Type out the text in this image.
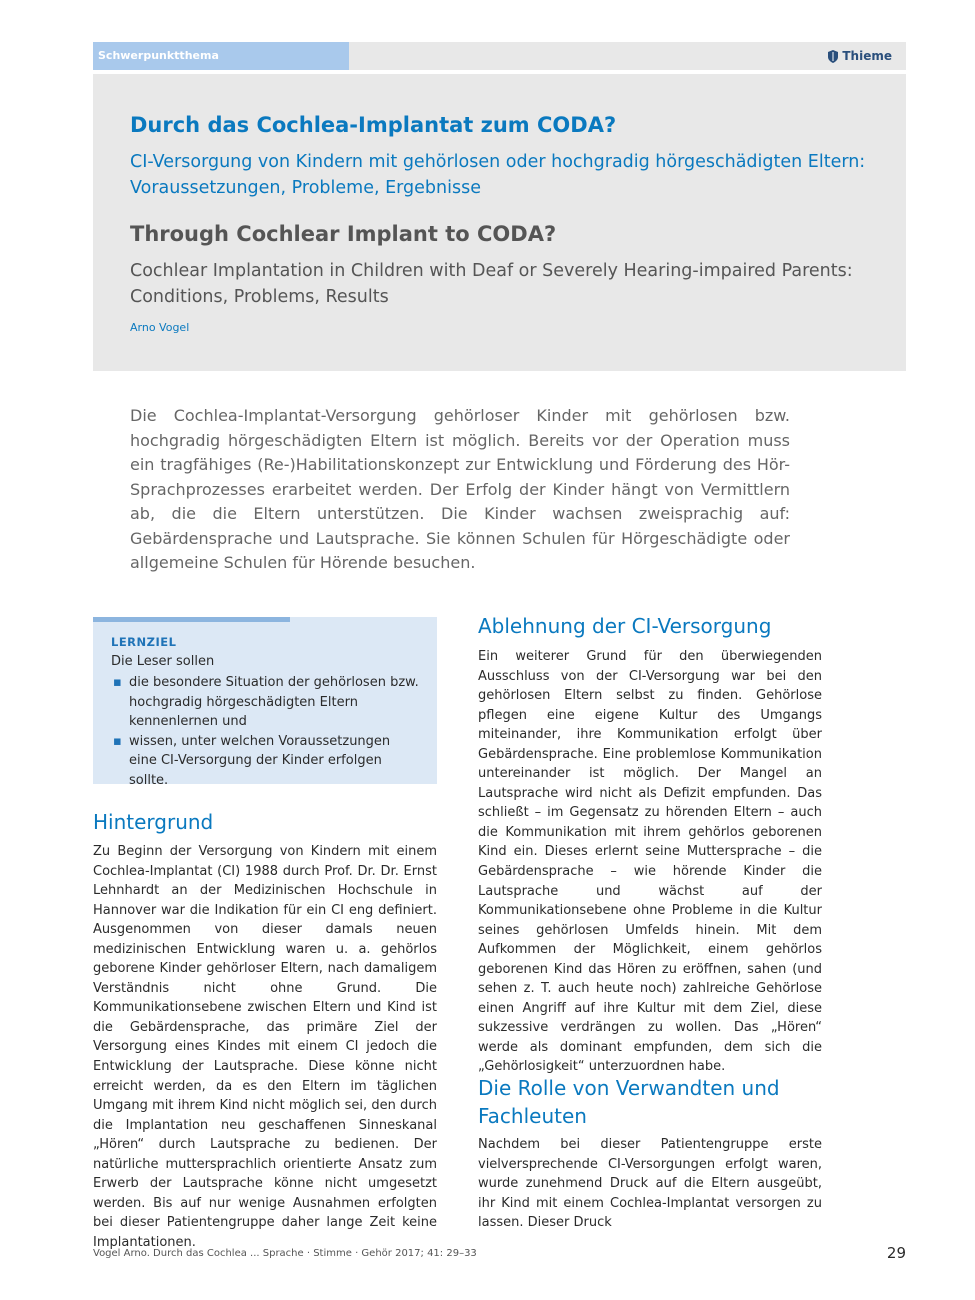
Schwerpunktthema	Thieme
Durch das Cochlea-Implantat zum CODA?
CI-Versorgung von Kindern mit gehörlosen oder hochgradig hörgeschädigten Eltern: Voraussetzungen, Probleme, Ergebnisse
Through Cochlear Implant to CODA?
Cochlear Implantation in Children with Deaf or Severely Hearing-impaired Parents: Conditions, Problems, Results
Arno Vogel
Die Cochlea-Implantat-Versorgung gehörloser Kinder mit gehörlosen bzw. hochgradig hörgeschädigten Eltern ist möglich. Bereits vor der Operation muss ein tragfähiges (Re-)Habilitationskonzept zur Entwicklung und Förderung des Hör-Sprachprozesses erarbeitet werden. Der Erfolg der Kinder hängt von Vermittlern ab, die die Eltern unterstützen. Die Kinder wachsen zweisprachig auf: Gebärdensprache und Lautsprache. Sie können Schulen für Hörgeschädigte oder allgemeine Schulen für Hörende besuchen.
LERNZIEL
Die Leser sollen
▪ die besondere Situation der gehörlosen bzw. hochgradig hörgeschädigten Eltern kennenlernen und
▪ wissen, unter welchen Voraussetzungen eine CI-Versorgung der Kinder erfolgen sollte.
Hintergrund
Zu Beginn der Versorgung von Kindern mit einem Cochlea-Implantat (CI) 1988 durch Prof. Dr. Dr. Ernst Lehnhardt an der Medizinischen Hochschule in Hannover war die Indikation für ein CI eng definiert. Ausgenommen von dieser damals neuen medizinischen Entwicklung waren u. a. gehörlos geborene Kinder gehörloser Eltern, nach damaligem Verständnis nicht ohne Grund. Die Kommunikationsebene zwischen Eltern und Kind ist die Gebärdensprache, das primäre Ziel der Versorgung eines Kindes mit einem CI jedoch die Entwicklung der Lautsprache. Diese könne nicht erreicht werden, da es den Eltern im täglichen Umgang mit ihrem Kind nicht möglich sei, den durch die Implantation neu geschaffenen Sinneskanal „Hören“ durch Lautsprache zu bedienen. Der natürliche muttersprachlich orientierte Ansatz zum Erwerb der Lautsprache könne nicht umgesetzt werden. Bis auf nur wenige Ausnahmen erfolgten bei dieser Patientengruppe daher lange Zeit keine Implantationen.
Ablehnung der CI-Versorgung
Ein weiterer Grund für den überwiegenden Ausschluss von der CI-Versorgung war bei den gehörlosen Eltern selbst zu finden. Gehörlose pflegen eine eigene Kultur des Umgangs miteinander, ihre Kommunikation erfolgt über Gebärdensprache. Eine problemlose Kommunikation untereinander ist möglich. Der Mangel an Lautsprache wird nicht als Defizit empfunden. Das schließt – im Gegensatz zu hörenden Eltern – auch die Kommunikation mit ihrem gehörlos geborenen Kind ein. Dieses erlernt seine Muttersprache – die Gebärdensprache – wie hörende Kinder die Lautsprache und wächst auf der Kommunikationsebene ohne Probleme in die Kultur seines gehörlosen Umfelds hinein. Mit dem Aufkommen der Möglichkeit, einem gehörlos geborenen Kind das Hören zu eröffnen, sahen (und sehen z. T. auch heute noch) zahlreiche Gehörlose einen Angriff auf ihre Kultur mit dem Ziel, diese sukzessive verdrängen zu wollen. Das „Hören“ werde als dominant empfunden, dem sich die „Gehörlosigkeit“ unterzuordnen habe.
Die Rolle von Verwandten und Fachleuten
Nachdem bei dieser Patientengruppe erste vielversprechende CI-Versorgungen erfolgt waren, wurde zunehmend Druck auf die Eltern ausgeübt, ihr Kind mit einem Cochlea-Implantat versorgen zu lassen. Dieser Druck
Vogel Arno. Durch das Cochlea ... Sprache · Stimme · Gehör 2017; 41: 29–33	29
